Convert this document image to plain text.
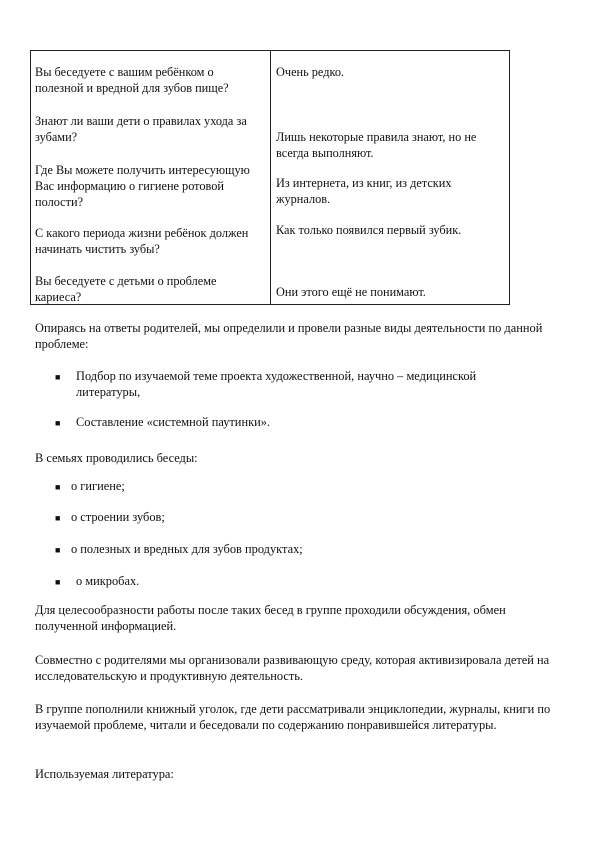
Вы беседуете с вашим ребёнком о полезной и вредной для зубов пище?
Очень редко.
Знают ли ваши дети о правилах ухода за зубами?	Лишь некоторые правила знают, но не всегда выполняют.
Где Вы можете получить интересующую Вас информацию о гигиене ротовой полости?
Из интернета, из книг, из детских журналов.
С какого периода жизни ребёнок должен начинать чистить зубы?
Как только появился первый зубик.
Вы беседуете с детьми о проблеме кариеса?	Они этого ещё не понимают.
Опираясь на ответы родителей, мы определили и провели разные виды деятельности по данной проблеме:
■ Подбор по изучаемой теме проекта художественной, научно – медицинской литературы,
■ Составление «системной паутинки».
В семьях проводились беседы:
■ о гигиене;
■ о строении зубов;
■ о полезных и вредных для зубов продуктах;
■ о микробах.
Для целесообразности работы после таких бесед в группе проходили обсуждения, обмен полученной информацией.
Совместно с родителями мы организовали развивающую среду, которая активизировала детей на исследовательскую и продуктивную деятельность.
В группе пополнили книжный уголок, где дети рассматривали энциклопедии, журналы, книги по изучаемой проблеме, читали и беседовали по содержанию понравившейся литературы.
Используемая литература:
